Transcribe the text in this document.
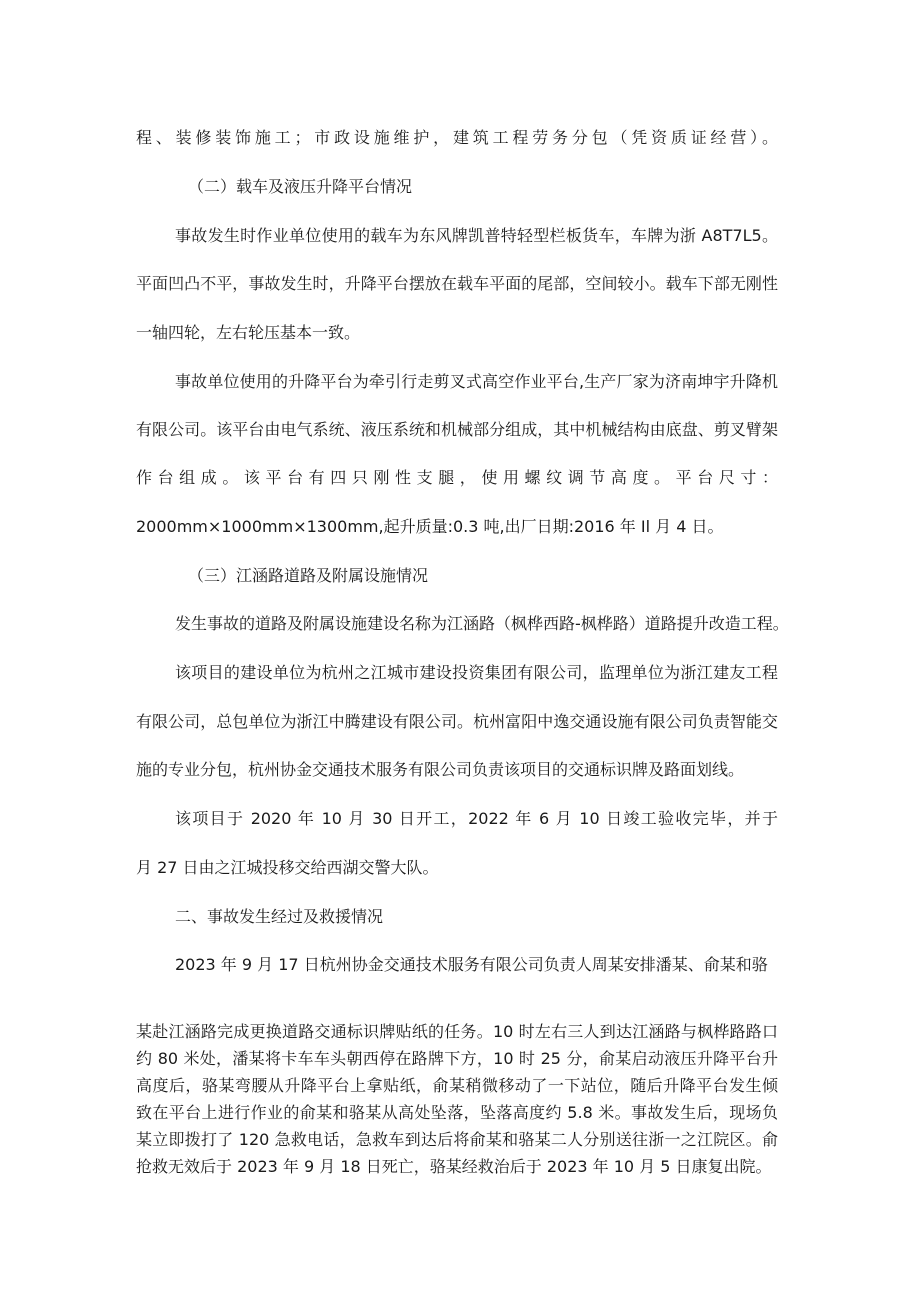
程、装修装饰施工；市政设施维护，建筑工程劳务分包（凭资质证经营）。

（二）载车及液压升降平台情况

事故发生时作业单位使用的载车为东风牌凯普特轻型栏板货车，车牌为浙 A8T7L5。

平面凹凸不平，事故发生时，升降平台摆放在载车平面的尾部，空间较小。载车下部无刚性

一轴四轮，左右轮压基本一致。

事故单位使用的升降平台为牵引行走剪叉式高空作业平台,生产厂家为济南坤宇升降机

有限公司。该平台由电气系统、液压系统和机械部分组成，其中机械结构由底盘、剪叉臂架

作台组成。该平台有四只刚性支腿，使用螺纹调节高度。平台尺寸：

2000mm×1000mm×1300mm,起升质量:0.3 吨,出厂日期:2016 年 Il 月 4 日。

（三）江涵路道路及附属设施情况

发生事故的道路及附属设施建设名称为江涵路（枫桦西路-枫桦路）道路提升改造工程。

该项目的建设单位为杭州之江城市建设投资集团有限公司，监理单位为浙江建友工程

有限公司，总包单位为浙江中腾建设有限公司。杭州富阳中逸交通设施有限公司负责智能交

施的专业分包，杭州协金交通技术服务有限公司负责该项目的交通标识牌及路面划线。

该项目于 2020 年 10 月 30 日开工，2022 年 6 月 10 日竣工验收完毕，并于

月 27 日由之江城投移交给西湖交警大队。

二、事故发生经过及救援情况

2023 年 9 月 17 日杭州协金交通技术服务有限公司负责人周某安排潘某、俞某和骆

某赴江涵路完成更换道路交通标识牌贴纸的任务。10 时左右三人到达江涵路与枫桦路路口

约 80 米处，潘某将卡车车头朝西停在路牌下方，10 时 25 分，俞某启动液压升降平台升

高度后，骆某弯腰从升降平台上拿贴纸，俞某稍微移动了一下站位，随后升降平台发生倾

致在平台上进行作业的俞某和骆某从高处坠落，坠落高度约 5.8 米。事故发生后，现场负

某立即拨打了 120 急救电话，急救车到达后将俞某和骆某二人分别送往浙一之江院区。俞

抢救无效后于 2023 年 9 月 18 日死亡，骆某经救治后于 2023 年 10 月 5 日康复出院。
